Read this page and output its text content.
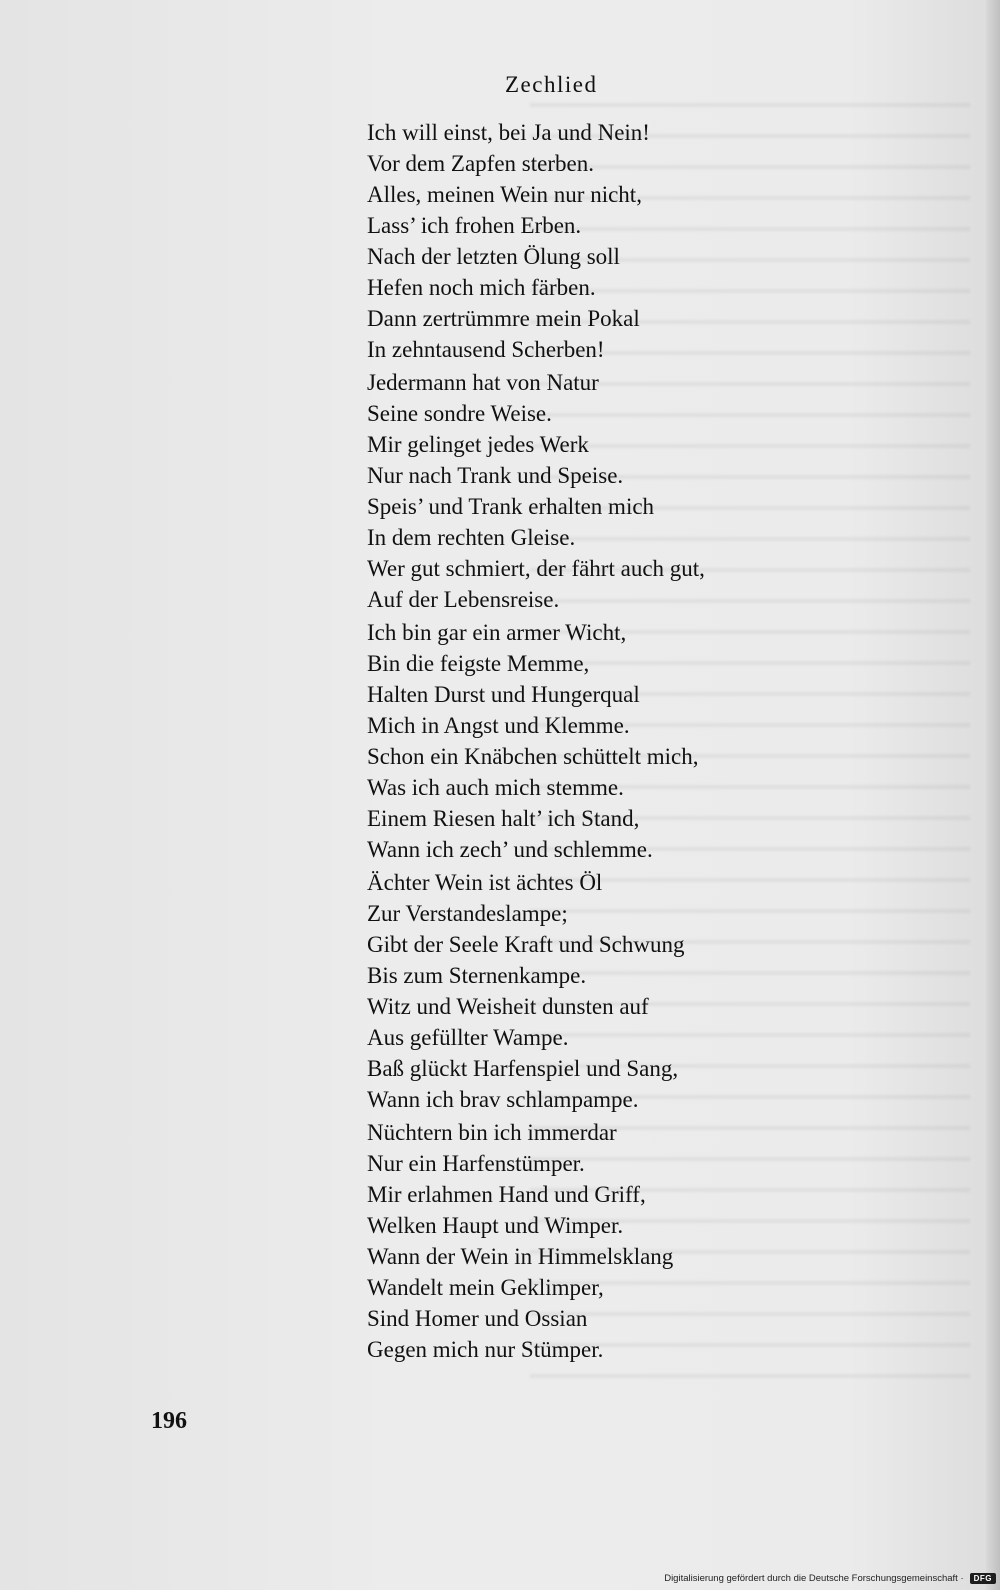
Zechlied
Ich will einst, bei Ja und Nein!
Vor dem Zapfen sterben.
Alles, meinen Wein nur nicht,
Lass’ ich frohen Erben.
Nach der letzten Ölung soll
Hefen noch mich färben.
Dann zertrümmre mein Pokal
In zehntausend Scherben!
Jedermann hat von Natur
Seine sondre Weise.
Mir gelinget jedes Werk
Nur nach Trank und Speise.
Speis’ und Trank erhalten mich
In dem rechten Gleise.
Wer gut schmiert, der fährt auch gut,
Auf der Lebensreise.
Ich bin gar ein armer Wicht,
Bin die feigste Memme,
Halten Durst und Hungerqual
Mich in Angst und Klemme.
Schon ein Knäbchen schüttelt mich,
Was ich auch mich stemme.
Einem Riesen halt’ ich Stand,
Wann ich zech’ und schlemme.
Ächter Wein ist ächtes Öl
Zur Verstandeslampe;
Gibt der Seele Kraft und Schwung
Bis zum Sternenkampe.
Witz und Weisheit dunsten auf
Aus gefüllter Wampe.
Baß glückt Harfenspiel und Sang,
Wann ich brav schlampampe.
Nüchtern bin ich immerdar
Nur ein Harfenstümper.
Mir erlahmen Hand und Griff,
Welken Haupt und Wimper.
Wann der Wein in Himmelsklang
Wandelt mein Geklimper,
Sind Homer und Ossian
Gegen mich nur Stümper.
196
Digitalisierung gefördert durch die Deutsche Forschungsgemeinschaft ·	DFG
